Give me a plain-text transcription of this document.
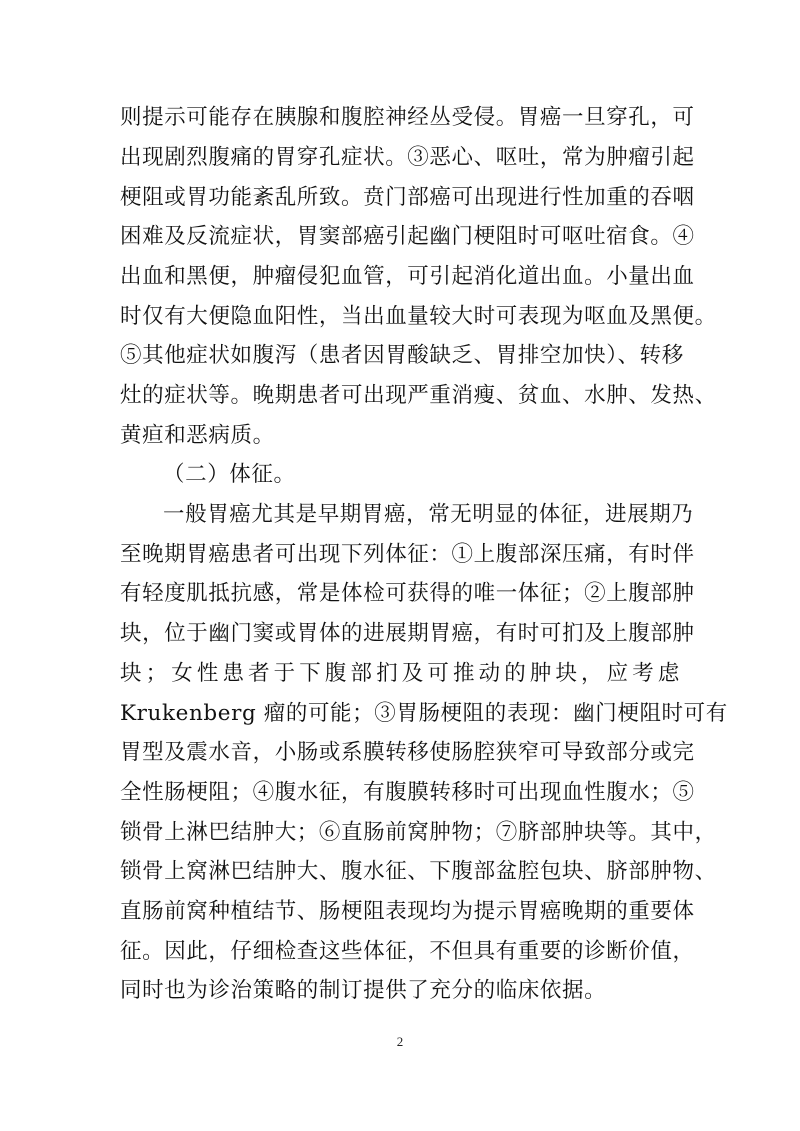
则提示可能存在胰腺和腹腔神经丛受侵。胃癌一旦穿孔，可
出现剧烈腹痛的胃穿孔症状。③恶心、呕吐，常为肿瘤引起
梗阻或胃功能紊乱所致。贲门部癌可出现进行性加重的吞咽
困难及反流症状，胃窦部癌引起幽门梗阻时可呕吐宿食。④
出血和黑便，肿瘤侵犯血管，可引起消化道出血。小量出血
时仅有大便隐血阳性，当出血量较大时可表现为呕血及黑便。
⑤其他症状如腹泻（患者因胃酸缺乏、胃排空加快）、转移
灶的症状等。晚期患者可出现严重消瘦、贫血、水肿、发热、
黄疸和恶病质。
（二）体征。
一般胃癌尤其是早期胃癌，常无明显的体征，进展期乃
至晚期胃癌患者可出现下列体征：①上腹部深压痛，有时伴
有轻度肌抵抗感，常是体检可获得的唯一体征；②上腹部肿
块，位于幽门窦或胃体的进展期胃癌，有时可扪及上腹部肿
块；女性患者于下腹部扪及可推动的肿块，应考虑
Krukenberg 瘤的可能；③胃肠梗阻的表现：幽门梗阻时可有
胃型及震水音，小肠或系膜转移使肠腔狭窄可导致部分或完
全性肠梗阻；④腹水征，有腹膜转移时可出现血性腹水；⑤
锁骨上淋巴结肿大；⑥直肠前窝肿物；⑦脐部肿块等。其中，
锁骨上窝淋巴结肿大、腹水征、下腹部盆腔包块、脐部肿物、
直肠前窝种植结节、肠梗阻表现均为提示胃癌晚期的重要体
征。因此，仔细检查这些体征，不但具有重要的诊断价值，
同时也为诊治策略的制订提供了充分的临床依据。
2
